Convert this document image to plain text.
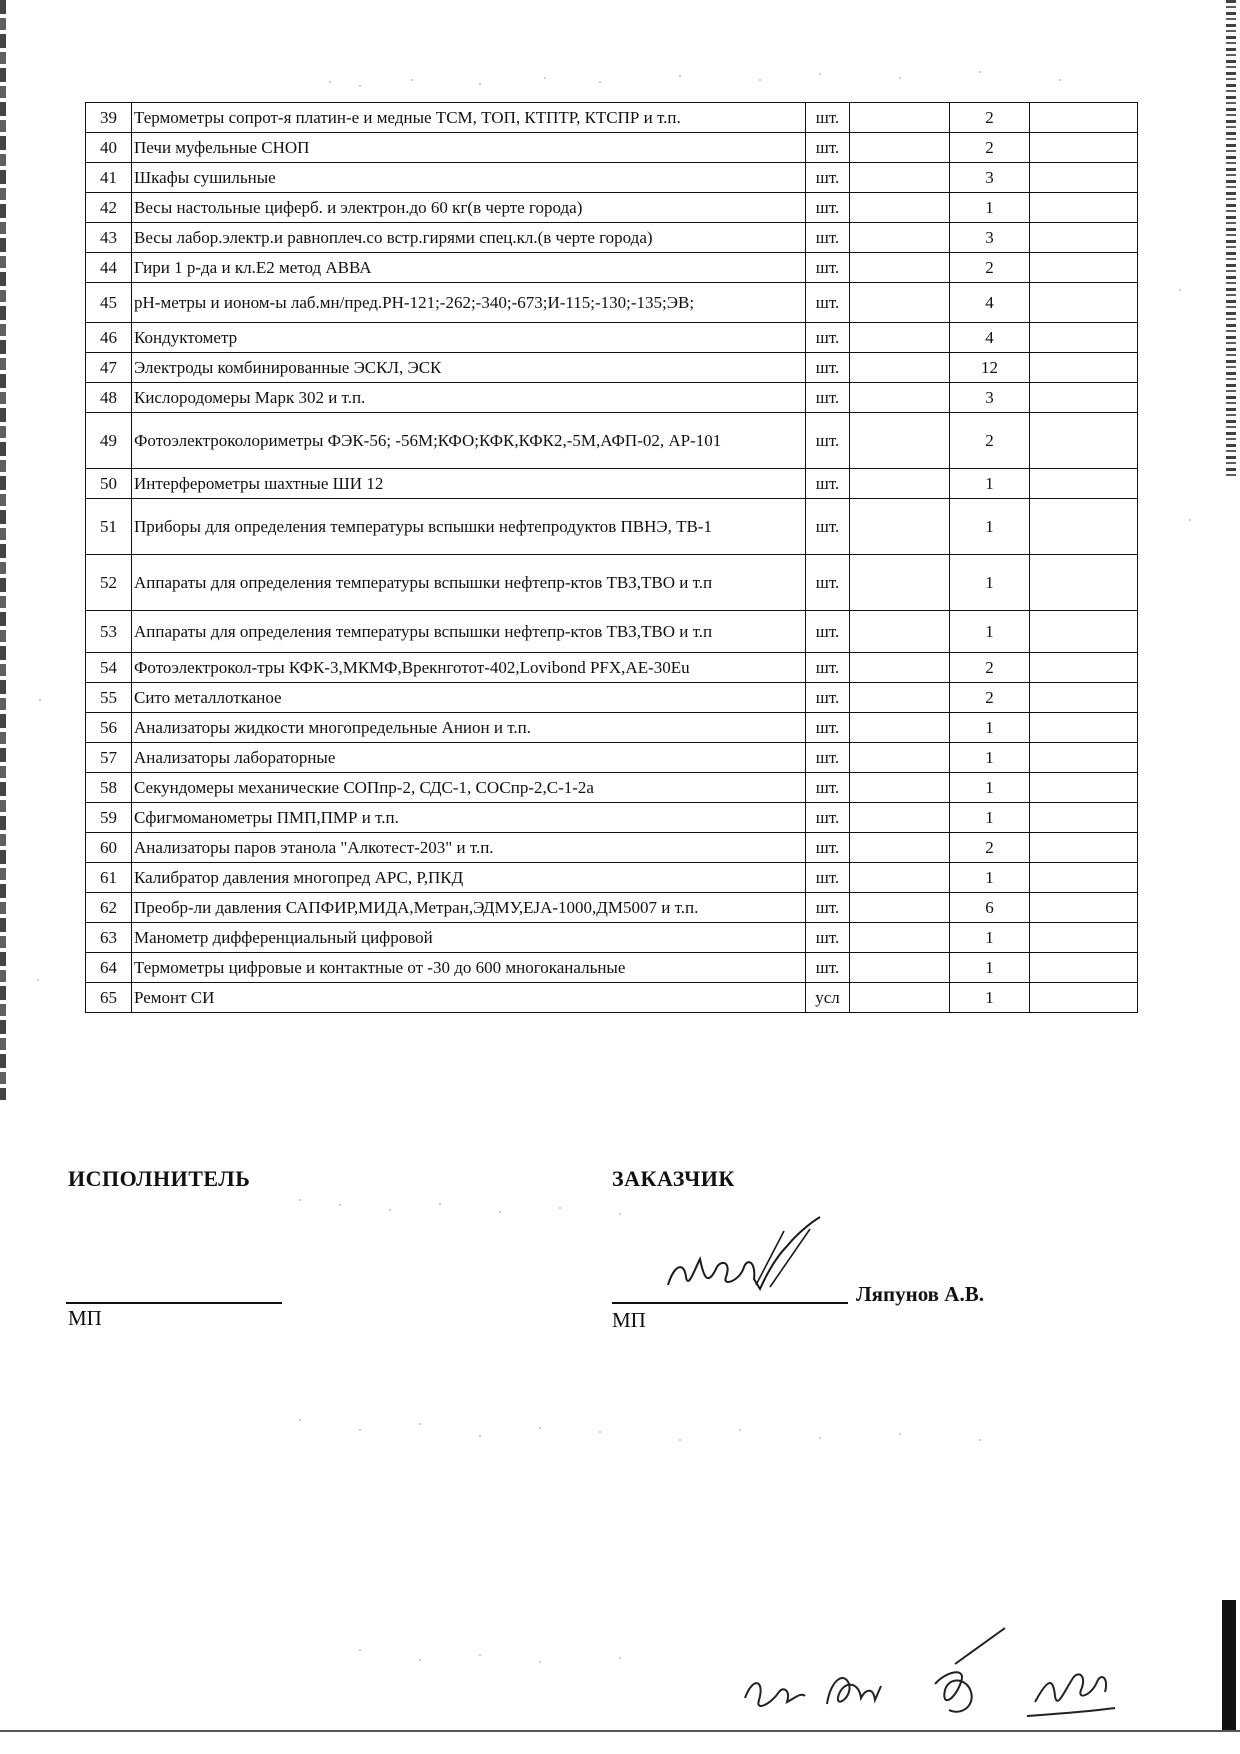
39	Термометры сопрот-я платин-е и медные ТСМ, ТОП, КТПТР, КТСПР и т.п.	шт.		2	
40	Печи муфельные СНОП	шт.		2	
41	Шкафы сушильные	шт.		3	
42	Весы настольные циферб. и электрон.до 60 кг(в черте города)	шт.		1	
43	Весы лабор.электр.и равноплеч.со встр.гирями спец.кл.(в черте города)	шт.		3	
44	Гири 1 р-да и кл.Е2 метод АВВА	шт.		2	
45	pH-метры и ионом-ы лаб.мн/пред.РН-121;-262;-340;-673;И-115;-130;-135;ЭВ;	шт.		4	
46	Кондуктометр	шт.		4	
47	Электроды комбинированные ЭСКЛ, ЭСК	шт.		12	
48	Кислородомеры Марк 302 и т.п.	шт.		3	
49	Фотоэлектроколориметры ФЭК-56; -56М;КФО;КФК,КФК2,-5М,АФП-02, АР-101	шт.		2	
50	Интерферометры шахтные ШИ 12	шт.		1	
51	Приборы для определения температуры вспышки нефтепродуктов ПВНЭ, ТВ-1	шт.		1	
52	Аппараты для определения температуры вспышки нефтепр-ктов ТВЗ,ТВО и т.п	шт.		1	
53	Аппараты для определения температуры вспышки нефтепр-ктов ТВЗ,ТВО и т.п	шт.		1	
54	Фотоэлектрокол-тры КФК-3,МКМФ,Врекнготот-402,Lovibond PFX,AE-30Eu	шт.		2	
55	Сито металлотканое	шт.		2	
56	Анализаторы жидкости многопредельные Анион и т.п.	шт.		1	
57	Анализаторы лабораторные	шт.		1	
58	Секундомеры механические СОПпр-2, СДС-1, СОСпр-2,С-1-2а	шт.		1	
59	Сфигмоманометры ПМП,ПМР и т.п.	шт.		1	
60	Анализаторы паров этанола "Алкотест-203" и т.п.	шт.		2	
61	Калибратор давления многопред АРС, Р,ПКД	шт.		1	
62	Преобр-ли давления САПФИР,МИДА,Метран,ЭДМУ,EJA-1000,ДМ5007 и т.п.	шт.		6	
63	Манометр дифференциальный цифровой	шт.		1	
64	Термометры цифровые и контактные от -30 до 600 многоканальные	шт.		1	
65	Ремонт СИ	усл		1	
ИСПОЛНИТЕЛЬ	ЗАКАЗЧИК
МП	МП
Ляпунов А.В.
